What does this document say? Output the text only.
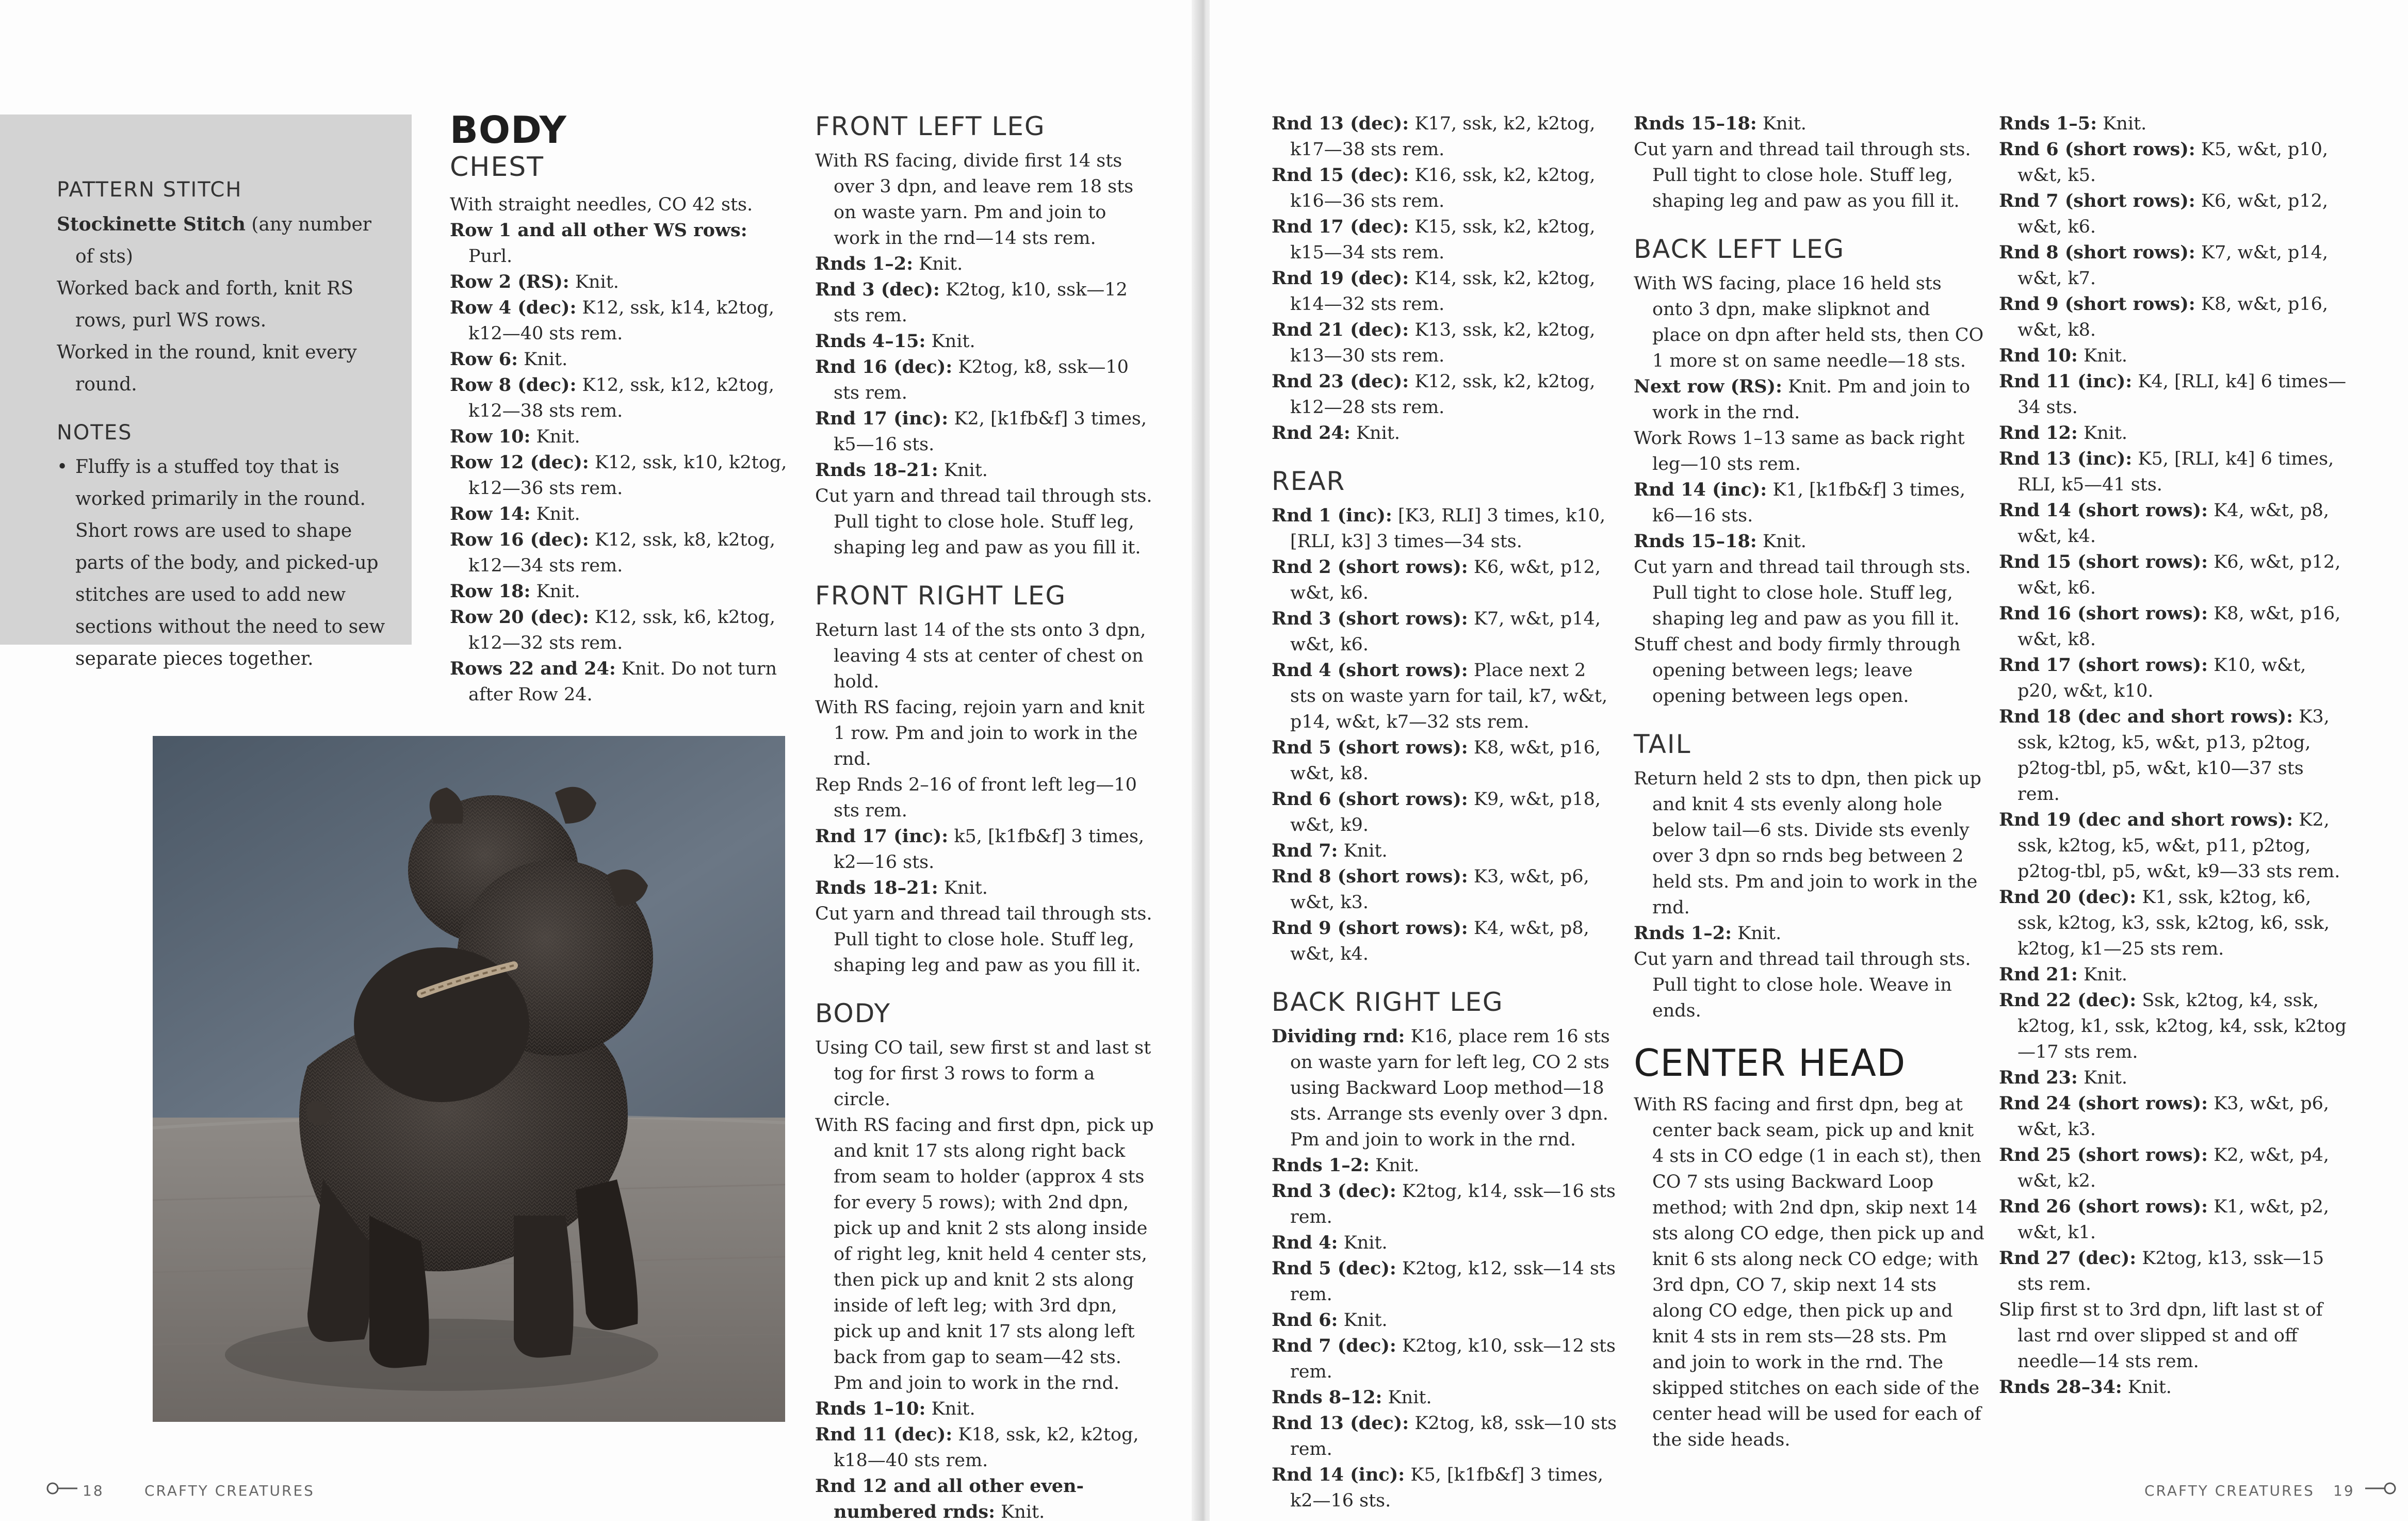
PATTERN STITCH

Stockinette Stitch (any number of sts)

Worked back and forth, knit RS rows, purl WS rows.

Worked in the round, knit every round.

NOTES
• Fluffy is a stuffed toy that is worked primarily in the round. Short rows are used to shape parts of the body, and picked-up stitches are used to add new sections without the need to sew separate pieces together.
BODY
CHEST

With straight needles, CO 42 sts.

Row 1 and all other WS rows: Purl.

Row 2 (RS): Knit.

Row 4 (dec): K12, ssk, k14, k2tog, k12—40 sts rem.

Row 6: Knit.

Row 8 (dec): K12, ssk, k12, k2tog, k12—38 sts rem.

Row 10: Knit.

Row 12 (dec): K12, ssk, k10, k2tog, k12—36 sts rem.

Row 14: Knit.

Row 16 (dec): K12, ssk, k8, k2tog, k12—34 sts rem.

Row 18: Knit.

Row 20 (dec): K12, ssk, k6, k2tog, k12—32 sts rem.

Rows 22 and 24: Knit. Do not turn after Row 24.

FRONT LEFT LEG

With RS facing, divide first 14 sts over 3 dpn, and leave rem 18 sts on waste yarn. Pm and join to work in the rnd—14 sts rem.

Rnds 1–2: Knit.

Rnd 3 (dec): K2tog, k10, ssk—12 sts rem.

Rnds 4–15: Knit.

Rnd 16 (dec): K2tog, k8, ssk—10 sts rem.

Rnd 17 (inc): K2, [k1fb&f] 3 times, k5—16 sts.

Rnds 18–21: Knit.

Cut yarn and thread tail through sts. Pull tight to close hole. Stuff leg, shaping leg and paw as you fill it.

FRONT RIGHT LEG

Return last 14 of the sts onto 3 dpn, leaving 4 sts at center of chest on hold.

With RS facing, rejoin yarn and knit 1 row. Pm and join to work in the rnd.

Rep Rnds 2–16 of front left leg—10 sts rem.

Rnd 17 (inc): k5, [k1fb&f] 3 times, k2—16 sts.

Rnds 18–21: Knit.

Cut yarn and thread tail through sts. Pull tight to close hole. Stuff leg, shaping leg and paw as you fill it.

BODY

Using CO tail, sew first st and last st tog for first 3 rows to form a circle.

With RS facing and first dpn, pick up and knit 17 sts along right back from seam to holder (approx 4 sts for every 5 rows); with 2nd dpn, pick up and knit 2 sts along inside of right leg, knit held 4 center sts, then pick up and knit 2 sts along inside of left leg; with 3rd dpn, pick up and knit 17 sts along left back from gap to seam—42 sts. Pm and join to work in the rnd.

Rnds 1–10: Knit.

Rnd 11 (dec): K18, ssk, k2, k2tog, k18—40 sts rem.

Rnd 12 and all other even-numbered rnds: Knit.

18	CRAFTY CREATURES

Rnd 13 (dec): K17, ssk, k2, k2tog, k17—38 sts rem.

Rnd 15 (dec): K16, ssk, k2, k2tog, k16—36 sts rem.

Rnd 17 (dec): K15, ssk, k2, k2tog, k15—34 sts rem.

Rnd 19 (dec): K14, ssk, k2, k2tog, k14—32 sts rem.

Rnd 21 (dec): K13, ssk, k2, k2tog, k13—30 sts rem.

Rnd 23 (dec): K12, ssk, k2, k2tog, k12—28 sts rem.

Rnd 24: Knit.

REAR

Rnd 1 (inc): [K3, RLI] 3 times, k10, [RLI, k3] 3 times—34 sts.

Rnd 2 (short rows): K6, w&t, p12, w&t, k6.

Rnd 3 (short rows): K7, w&t, p14, w&t, k6.

Rnd 4 (short rows): Place next 2 sts on waste yarn for tail, k7, w&t, p14, w&t, k7—32 sts rem.

Rnd 5 (short rows): K8, w&t, p16, w&t, k8.

Rnd 6 (short rows): K9, w&t, p18, w&t, k9.

Rnd 7: Knit.

Rnd 8 (short rows): K3, w&t, p6, w&t, k3.

Rnd 9 (short rows): K4, w&t, p8, w&t, k4.

BACK RIGHT LEG

Dividing rnd: K16, place rem 16 sts on waste yarn for left leg, CO 2 sts using Backward Loop method—18 sts. Arrange sts evenly over 3 dpn. Pm and join to work in the rnd.

Rnds 1–2: Knit.

Rnd 3 (dec): K2tog, k14, ssk—16 sts rem.

Rnd 4: Knit.

Rnd 5 (dec): K2tog, k12, ssk—14 sts rem.

Rnd 6: Knit.

Rnd 7 (dec): K2tog, k10, ssk—12 sts rem.

Rnds 8–12: Knit.

Rnd 13 (dec): K2tog, k8, ssk—10 sts rem.

Rnd 14 (inc): K5, [k1fb&f] 3 times, k2—16 sts.

Rnds 15–18: Knit.

Cut yarn and thread tail through sts. Pull tight to close hole. Stuff leg, shaping leg and paw as you fill it.

BACK LEFT LEG

With WS facing, place 16 held sts onto 3 dpn, make slipknot and place on dpn after held sts, then CO 1 more st on same needle—18 sts.

Next row (RS): Knit. Pm and join to work in the rnd.

Work Rows 1–13 same as back right leg—10 sts rem.

Rnd 14 (inc): K1, [k1fb&f] 3 times, k6—16 sts.

Rnds 15–18: Knit.

Cut yarn and thread tail through sts. Pull tight to close hole. Stuff leg, shaping leg and paw as you fill it.

Stuff chest and body firmly through opening between legs; leave opening between legs open.

TAIL

Return held 2 sts to dpn, then pick up and knit 4 sts evenly along hole below tail—6 sts. Divide sts evenly over 3 dpn so rnds beg between 2 held sts. Pm and join to work in the rnd.

Rnds 1–2: Knit.

Cut yarn and thread tail through sts. Pull tight to close hole. Weave in ends.

CENTER HEAD

With RS facing and first dpn, beg at center back seam, pick up and knit 4 sts in CO edge (1 in each st), then CO 7 sts using Backward Loop method; with 2nd dpn, skip next 14 sts along CO edge, then pick up and knit 6 sts along neck CO edge; with 3rd dpn, CO 7, skip next 14 sts along CO edge, then pick up and knit 4 sts in rem sts—28 sts. Pm and join to work in the rnd. The skipped stitches on each side of the center head will be used for each of the side heads.

Rnds 1–5: Knit.

Rnd 6 (short rows): K5, w&t, p10, w&t, k5.

Rnd 7 (short rows): K6, w&t, p12, w&t, k6.

Rnd 8 (short rows): K7, w&t, p14, w&t, k7.

Rnd 9 (short rows): K8, w&t, p16, w&t, k8.

Rnd 10: Knit.

Rnd 11 (inc): K4, [RLI, k4] 6 times—34 sts.

Rnd 12: Knit.

Rnd 13 (inc): K5, [RLI, k4] 6 times, RLI, k5—41 sts.

Rnd 14 (short rows): K4, w&t, p8, w&t, k4.

Rnd 15 (short rows): K6, w&t, p12, w&t, k6.

Rnd 16 (short rows): K8, w&t, p16, w&t, k8.

Rnd 17 (short rows): K10, w&t, p20, w&t, k10.

Rnd 18 (dec and short rows): K3, ssk, k2tog, k5, w&t, p13, p2tog, p2tog-tbl, p5, w&t, k10—37 sts rem.

Rnd 19 (dec and short rows): K2, ssk, k2tog, k5, w&t, p11, p2tog, p2tog-tbl, p5, w&t, k9—33 sts rem.

Rnd 20 (dec): K1, ssk, k2tog, k6, ssk, k2tog, k3, ssk, k2tog, k6, ssk, k2tog, k1—25 sts rem.

Rnd 21: Knit.

Rnd 22 (dec): Ssk, k2tog, k4, ssk, k2tog, k1, ssk, k2tog, k4, ssk, k2tog—17 sts rem.

Rnd 23: Knit.

Rnd 24 (short rows): K3, w&t, p6, w&t, k3.

Rnd 25 (short rows): K2, w&t, p4, w&t, k2.

Rnd 26 (short rows): K1, w&t, p2, w&t, k1.

Rnd 27 (dec): K2tog, k13, ssk—15 sts rem.

Slip first st to 3rd dpn, lift last st of last rnd over slipped st and off needle—14 sts rem.

Rnds 28–34: Knit.

CRAFTY CREATURES 19
